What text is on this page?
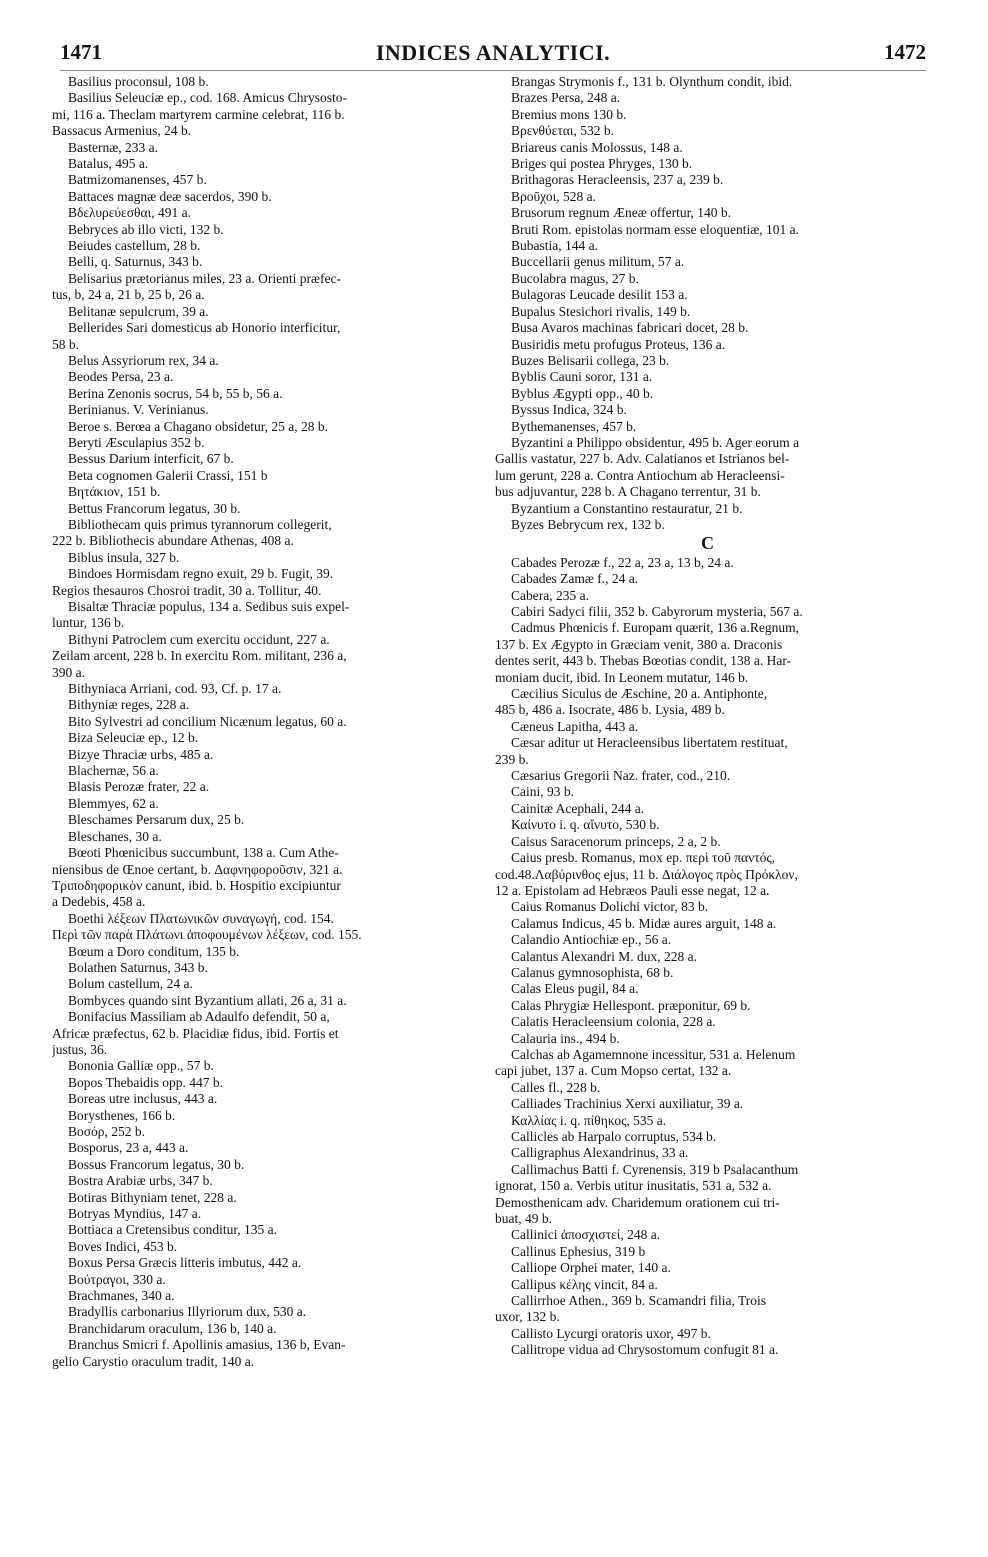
1471	INDICES ANALYTICI.	1472
Basilius proconsul, 108 b.
Basilius Seleuciæ ep., cod. 168. Amicus Chrysosto-
mi, 116 a. Theclam martyrem carmine celebrat, 116 b.
Bassacus Armenius, 24 b.
Basternæ, 233 a.
Batalus, 495 a.
Batmizomanenses, 457 b.
Battaces magnæ deæ sacerdos, 390 b.
Βδελυρεύεσθαι, 491 a.
Bebryces ab illo victi, 132 b.
Beiudes castellum, 28 b.
Belli, q. Saturnus, 343 b.
Belisarius prætorianus miles, 23 a. Orienti præfec-
tus, b, 24 a, 21 b, 25 b, 26 a.
Belitanæ sepulcrum, 39 a.
Bellerides Sari domesticus ab Honorio interficitur,
58 b.
Belus Assyriorum rex, 34 a.
Beodes Persa, 23 a.
Berina Zenonis socrus, 54 b, 55 b, 56 a.
Berinianus. V. Verinianus.
Beroe s. Berœa a Chagano obsidetur, 25 a, 28 b.
Beryti Æsculapius 352 b.
Bessus Darium interficit, 67 b.
Beta cognomen Galerii Crassi, 151 b
Βητάκιον, 151 b.
Bettus Francorum legatus, 30 b.
Bibliothecam quis primus tyrannorum collegerit,
222 b. Bibliothecis abundare Athenas, 408 a.
Biblus insula, 327 b.
Bindoes Hormisdam regno exuit, 29 b. Fugit, 39.
Regios thesauros Chosroi tradit, 30 a. Tollitur, 40.
Bisaltæ Thraciæ populus, 134 a. Sedibus suis expel-
luntur, 136 b.
Bithyni Patroclem cum exercitu occidunt, 227 a.
Zeilam arcent, 228 b. In exercitu Rom. militant, 236 a,
390 a.
Bithyniaca Arriani, cod. 93, Cf. p. 17 a.
Bithyniæ reges, 228 a.
Bito Sylvestri ad concilium Nicænum legatus, 60 a.
Biza Seleuciæ ep., 12 b.
Bizye Thraciæ urbs, 485 a.
Blachernæ, 56 a.
Blasis Perozæ frater, 22 a.
Blemmyes, 62 a.
Bleschames Persarum dux, 25 b.
Bleschanes, 30 a.
Bœoti Phœnicibus succumbunt, 138 a. Cum Athe-
niensibus de Œnoe certant, b. Δαφνηφοροῦσιν, 321 a.
Τριποδηφορικὸν canunt, ibid. b. Hospitio excipiuntur
a Dedebis, 458 a.
Boethi λέξεων Πλατωνικῶν συναγωγή, cod. 154.
Περὶ τῶν παρὰ Πλάτωνι ἀποφουμένων λέξεων, cod. 155.
Bœum a Doro conditum, 135 b.
Bolathen Saturnus, 343 b.
Bolum castellum, 24 a.
Bombyces quando sint Byzantium allati, 26 a, 31 a.
Bonifacius Massiliam ab Adaulfo defendit, 50 a,
Africæ præfectus, 62 b. Placidiæ fidus, ibid. Fortis et
justus, 36.
Bononia Galliæ opp., 57 b.
Bopos Thebaidis opp. 447 b.
Boreas utre inclusus, 443 a.
Borysthenes, 166 b.
Βοσόρ, 252 b.
Bosporus, 23 a, 443 a.
Bossus Francorum legatus, 30 b.
Bostra Arabiæ urbs, 347 b.
Botiras Bithyniam tenet, 228 a.
Botryas Myndius, 147 a.
Bottiaca a Cretensibus conditur, 135 a.
Boves Indici, 453 b.
Boxus Persa Græcis litteris imbutus, 442 a.
Βούτραγοι, 330 a.
Brachmanes, 340 a.
Bradyllis carbonarius Illyriorum dux, 530 a.
Branchidarum oraculum, 136 b, 140 a.
Branchus Smicri f. Apollinis amasius, 136 b, Evan-
gelio Carystio oraculum tradit, 140 a.
Brangas Strymonis f., 131 b. Olynthum condit, ibid.
Brazes Persa, 248 a.
Bremius mons 130 b.
Βρενθύεται, 532 b.
Briareus canis Molossus, 148 a.
Briges qui postea Phryges, 130 b.
Brithagoras Heracleensis, 237 a, 239 b.
Βροῦχοι, 528 a.
Brusorum regnum Æneæ offertur, 140 b.
Bruti Rom. epistolas normam esse eloquentiæ, 101 a.
Bubastia, 144 a.
Buccellarii genus militum, 57 a.
Bucolabra magus, 27 b.
Bulagoras Leucade desilit 153 a.
Bupalus Stesichori rivalis, 149 b.
Busa Avaros machinas fabricari docet, 28 b.
Busiridis metu profugus Proteus, 136 a.
Buzes Belisarii collega, 23 b.
Byblis Cauni soror, 131 a.
Byblus Ægypti opp., 40 b.
Byssus Indica, 324 b.
Bythemanenses, 457 b.
Byzantini a Philippo obsidentur, 495 b. Ager eorum a
Gallis vastatur, 227 b. Adv. Calatianos et Istrianos bel-
lum gerunt, 228 a. Contra Antiochum ab Heracleensi-
bus adjuvantur, 228 b. A Chagano terrentur, 31 b.
Byzantium a Constantino restauratur, 21 b.
Byzes Bebrycum rex, 132 b.
C
Cabades Perozæ f., 22 a, 23 a, 13 b, 24 a.
Cabades Zamæ f., 24 a.
Cabera, 235 a.
Cabiri Sadyci filii, 352 b. Cabyrorum mysteria, 567 a.
Cadmus Phœnicis f. Europam quærit, 136 a.Regnum,
137 b. Ex Ægypto in Græciam venit, 380 a. Draconis
dentes serit, 443 b. Thebas Bœotias condit, 138 a. Har-
moniam ducit, ibid. In Leonem mutatur, 146 b.
Cæcilius Siculus de Æschine, 20 a. Antiphonte,
485 b, 486 a. Isocrate, 486 b. Lysia, 489 b.
Cæneus Lapitha, 443 a.
Cæsar aditur ut Heracleensibus libertatem restituat,
239 b.
Cæsarius Gregorii Naz. frater, cod., 210.
Caini, 93 b.
Cainitæ Acephali, 244 a.
Καίνυτο i. q. αἴνυτο, 530 b.
Caisus Saracenorum princeps, 2 a, 2 b.
Caius presb. Romanus, mox ep. περὶ τοῦ παντός,
cod.48.Λαβύρινθος ejus, 11 b. Διάλογος πρὸς Πρόκλον,
12 a. Epistolam ad Hebræos Pauli esse negat, 12 a.
Caius Romanus Dolichi victor, 83 b.
Calamus Indicus, 45 b. Midæ aures arguit, 148 a.
Calandio Antiochiæ ep., 56 a.
Calantus Alexandri M. dux, 228 a.
Calanus gymnosophista, 68 b.
Calas Eleus pugil, 84 a.
Calas Phrygiæ Hellespont. præponitur, 69 b.
Calatis Heracleensium colonia, 228 a.
Calauria ins., 494 b.
Calchas ab Agamemnone incessitur, 531 a. Helenum
capi jubet, 137 a. Cum Mopso certat, 132 a.
Calles fl., 228 b.
Calliades Trachinius Xerxi auxiliatur, 39 a.
Καλλίας i. q. πίθηκος, 535 a.
Callicles ab Harpalo corruptus, 534 b.
Calligraphus Alexandrinus, 33 a.
Callimachus Batti f. Cyrenensis, 319 b Psalacanthum
ignorat, 150 a. Verbis utitur inusitatis, 531 a, 532 a.
Demosthenicam adv. Charidemum orationem cui tri-
buat, 49 b.
Callinici ἀποσχιστεί, 248 a.
Callinus Ephesius, 319 b
Calliope Orphei mater, 140 a.
Callipus κέλης vincit, 84 a.
Callirrhoe Athen., 369 b. Scamandri filia, Trois
uxor, 132 b.
Callisto Lycurgi oratoris uxor, 497 b.
Callitrope vidua ad Chrysostomum confugit 81 a.
